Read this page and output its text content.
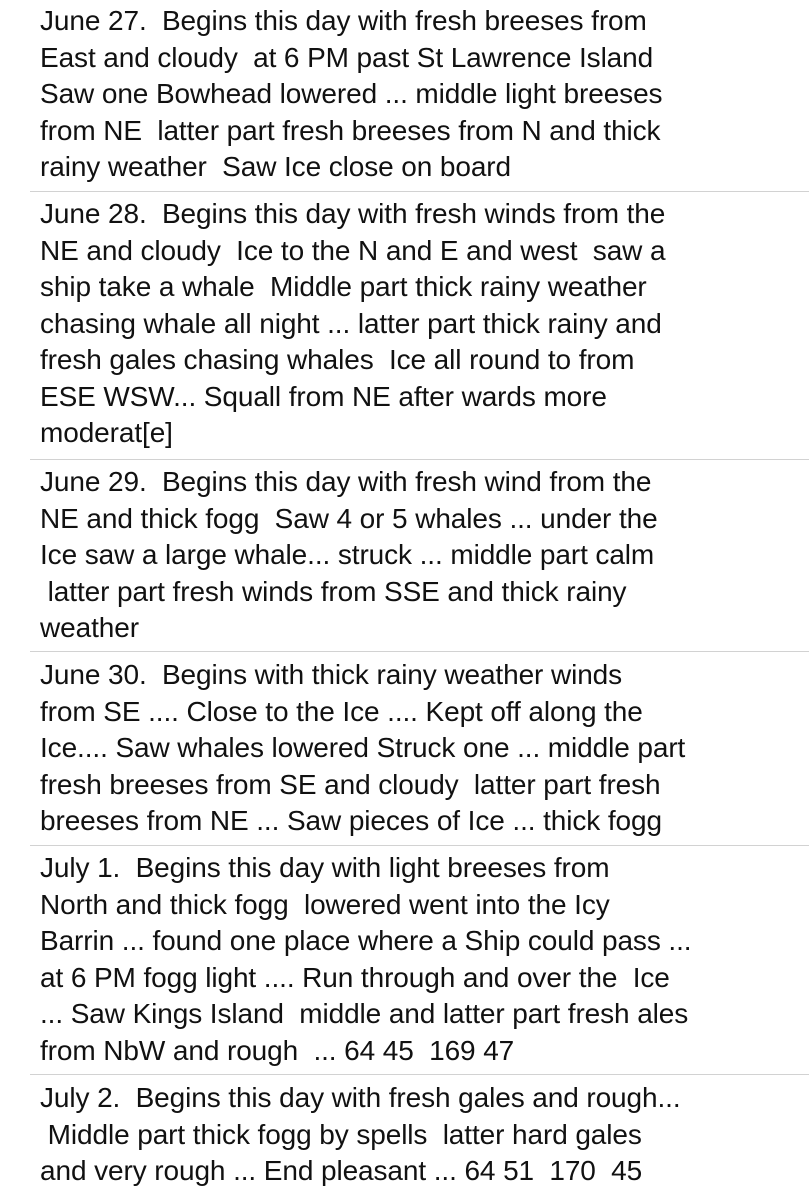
June 27.  Begins this day with fresh breeses from
East and cloudy  at 6 PM past St Lawrence Island
Saw one Bowhead lowered ... middle light breeses
from NE  latter part fresh breeses from N and thick
rainy weather  Saw Ice close on board
June 28.  Begins this day with fresh winds from the
NE and cloudy  Ice to the N and E and west  saw a
ship take a whale  Middle part thick rainy weather
chasing whale all night ... latter part thick rainy and
fresh gales chasing whales  Ice all round to from
ESE WSW... Squall from NE after wards more
moderat[e]
June 29.  Begins this day with fresh wind from the
NE and thick fogg  Saw 4 or 5 whales ... under the
Ice saw a large whale... struck ... middle part calm
latter part fresh winds from SSE and thick rainy
weather
June 30.  Begins with thick rainy weather winds
from SE .... Close to the Ice .... Kept off along the
Ice.... Saw whales lowered Struck one ... middle part
fresh breeses from SE and cloudy  latter part fresh
breeses from NE ... Saw pieces of Ice ... thick fogg
July 1.  Begins this day with light breeses from
North and thick fogg  lowered went into the Icy
Barrin ... found one place where a Ship could pass ...
at 6 PM fogg light .... Run through and over the  Ice
... Saw Kings Island  middle and latter part fresh ales
from NbW and rough  ... 64 45  169 47
July 2.  Begins this day with fresh gales and rough...
Middle part thick fogg by spells  latter hard gales
and very rough ... End pleasant ... 64 51  170  45
